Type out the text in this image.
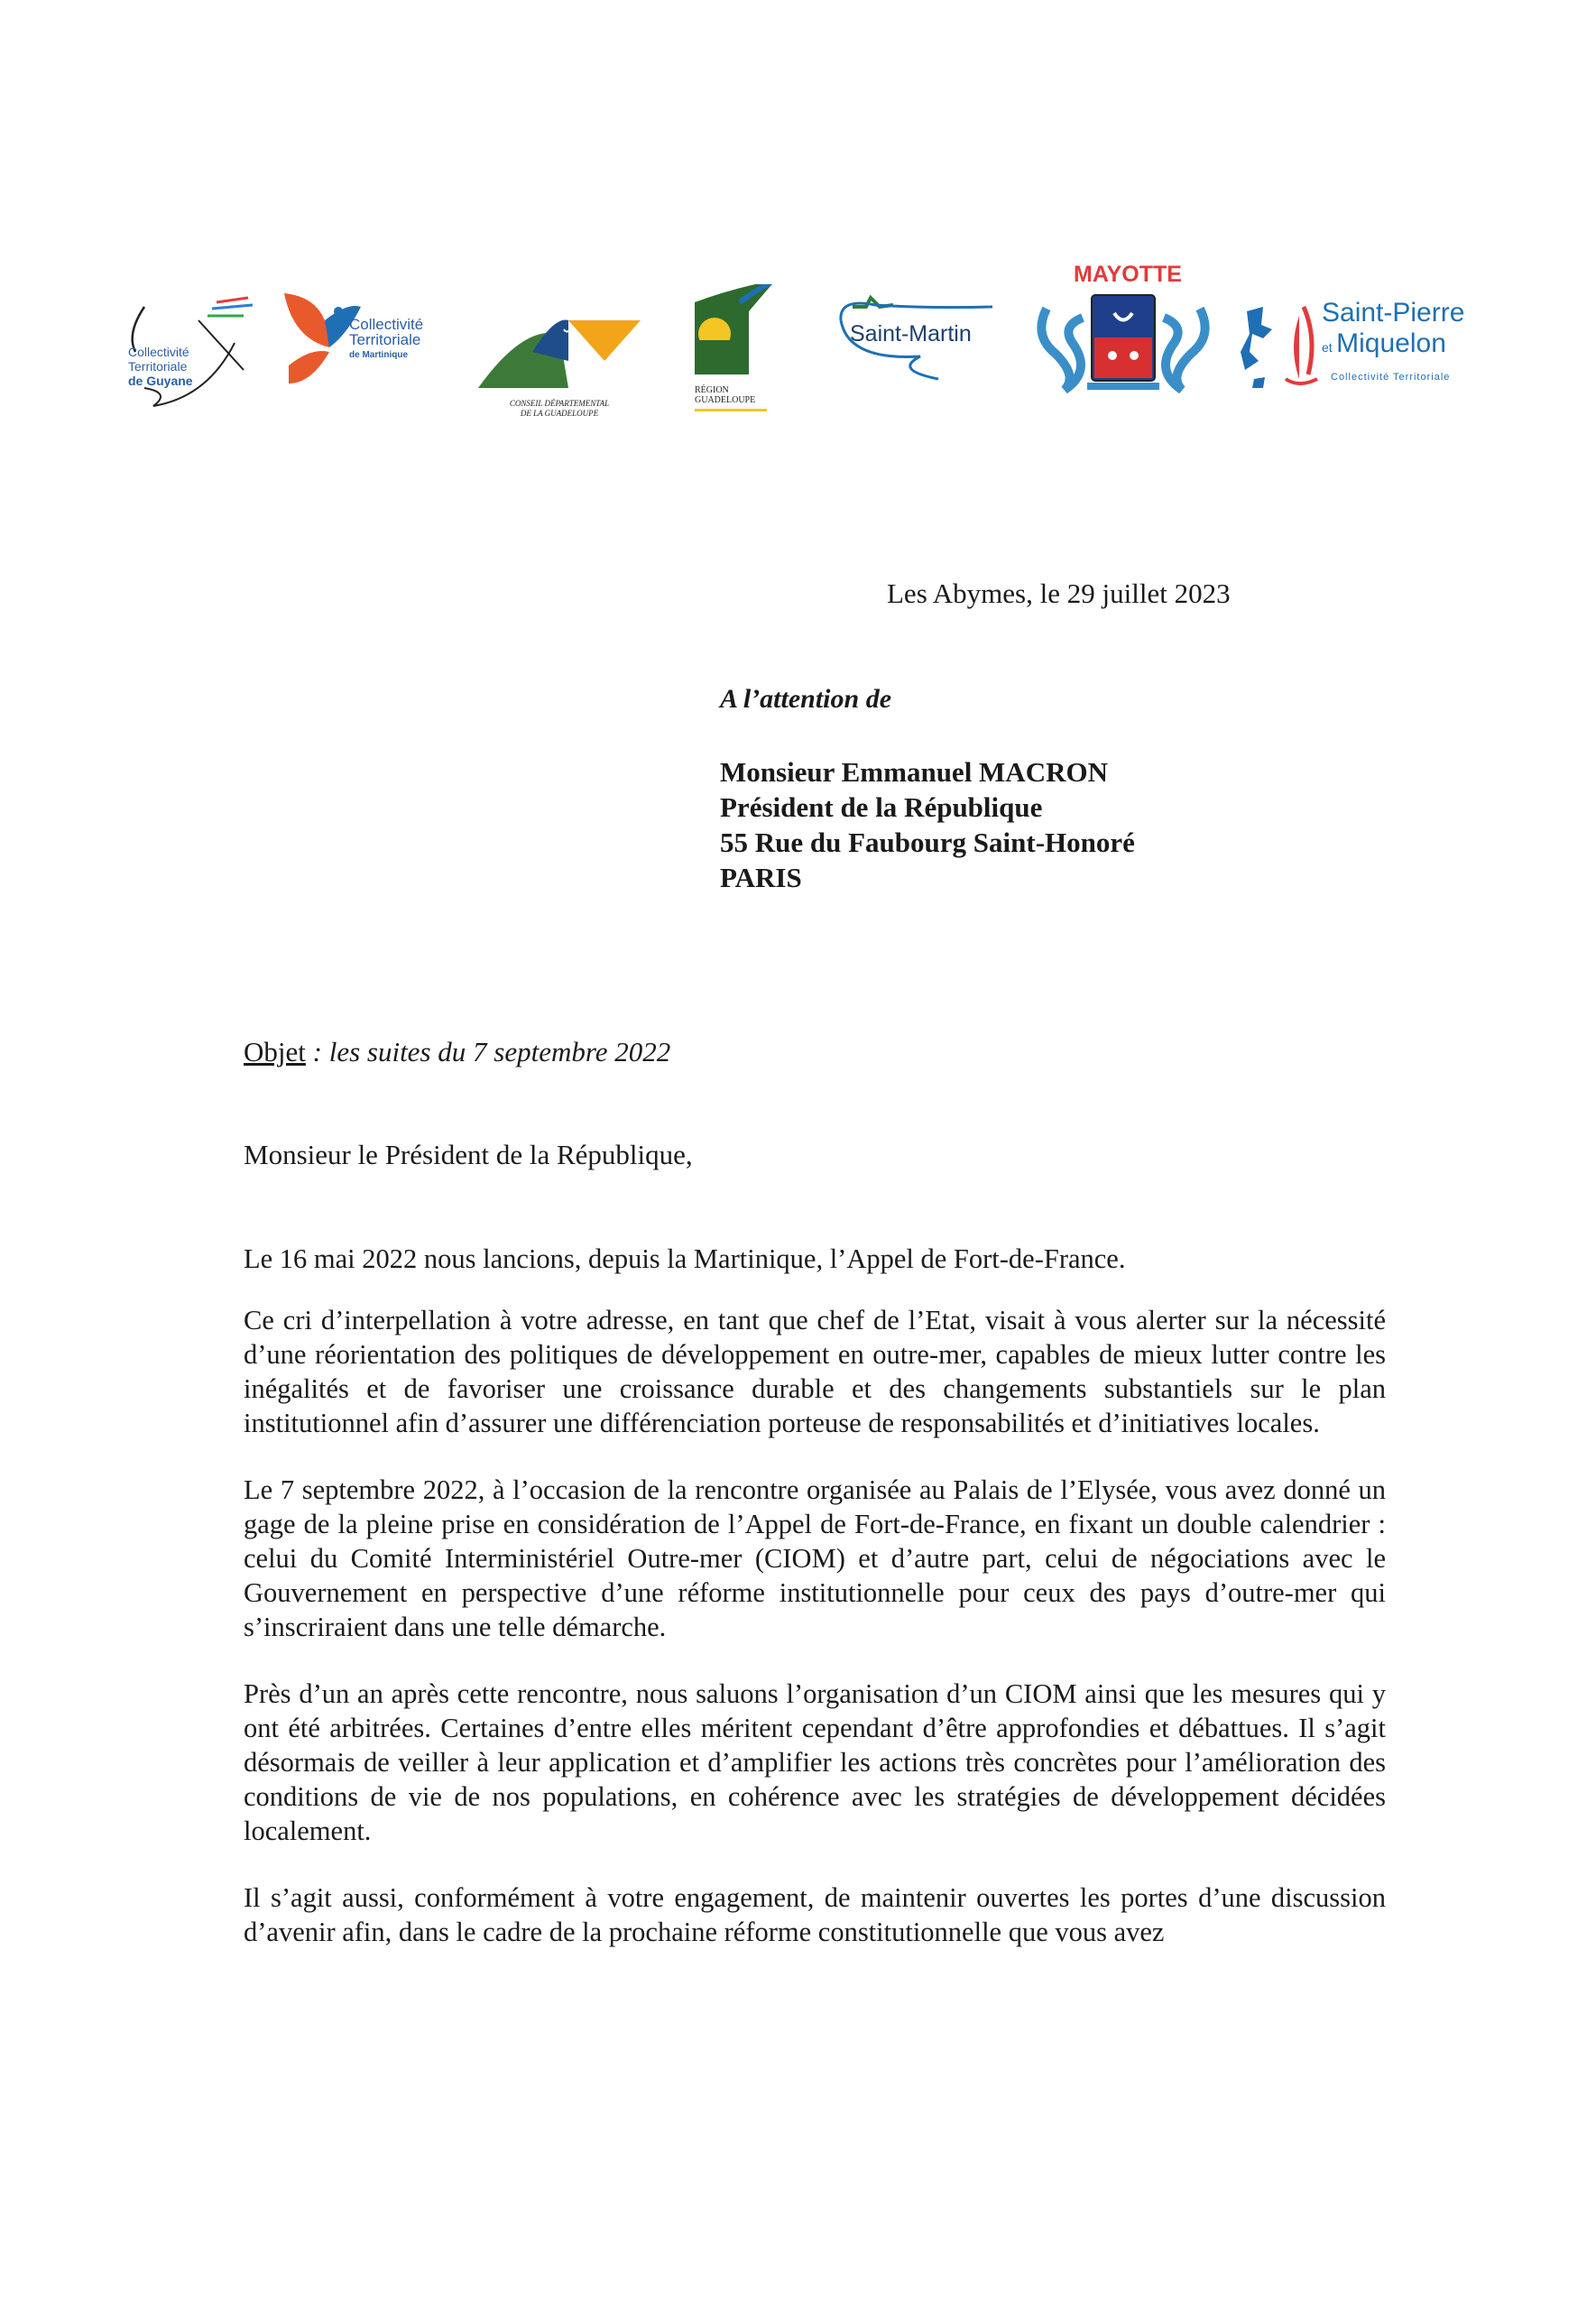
Collectivité
Territoriale
de Guyane
Collectivité
Territoriale
de Martinique
CONSEIL DÉPARTEMENTAL
DE LA GUADELOUPE
RÉGION
GUADELOUPE
Saint-Martin
MAYOTTE
Saint-Pierre
et Miquelon
Collectivité Territoriale
Les Abymes, le 29 juillet 2023
A l’attention de
Monsieur Emmanuel MACRON
Président de la République
55 Rue du Faubourg Saint-Honoré
PARIS
Objet : les suites du 7 septembre 2022
Monsieur le Président de la République,

Le 16 mai 2022 nous lancions, depuis la Martinique, l’Appel de Fort-de-France.

Ce cri d’interpellation à votre adresse, en tant que chef de l’Etat, visait à vous alerter sur la nécessité d’une réorientation des politiques de développement en outre-mer, capables de mieux lutter contre les inégalités et de favoriser une croissance durable et des changements substantiels sur le plan institutionnel afin d’assurer une différenciation porteuse de responsabilités et d’initiatives locales.

Le 7 septembre 2022, à l’occasion de la rencontre organisée au Palais de l’Elysée, vous avez donné un gage de la pleine prise en considération de l’Appel de Fort-de-France, en fixant un double calendrier : celui du Comité Interministériel Outre-mer (CIOM) et d’autre part, celui de négociations avec le Gouvernement en perspective d’une réforme institutionnelle pour ceux des pays d’outre-mer qui s’inscriraient dans une telle démarche.

Près d’un an après cette rencontre, nous saluons l’organisation d’un CIOM ainsi que les mesures qui y ont été arbitrées. Certaines d’entre elles méritent cependant d’être approfondies et débattues. Il s’agit désormais de veiller à leur application et d’amplifier les actions très concrètes pour l’amélioration des conditions de vie de nos populations, en cohérence avec les stratégies de développement décidées localement.

Il s’agit aussi, conformément à votre engagement, de maintenir ouvertes les portes d’une discussion d’avenir afin, dans le cadre de la prochaine réforme constitutionnelle que vous avez
